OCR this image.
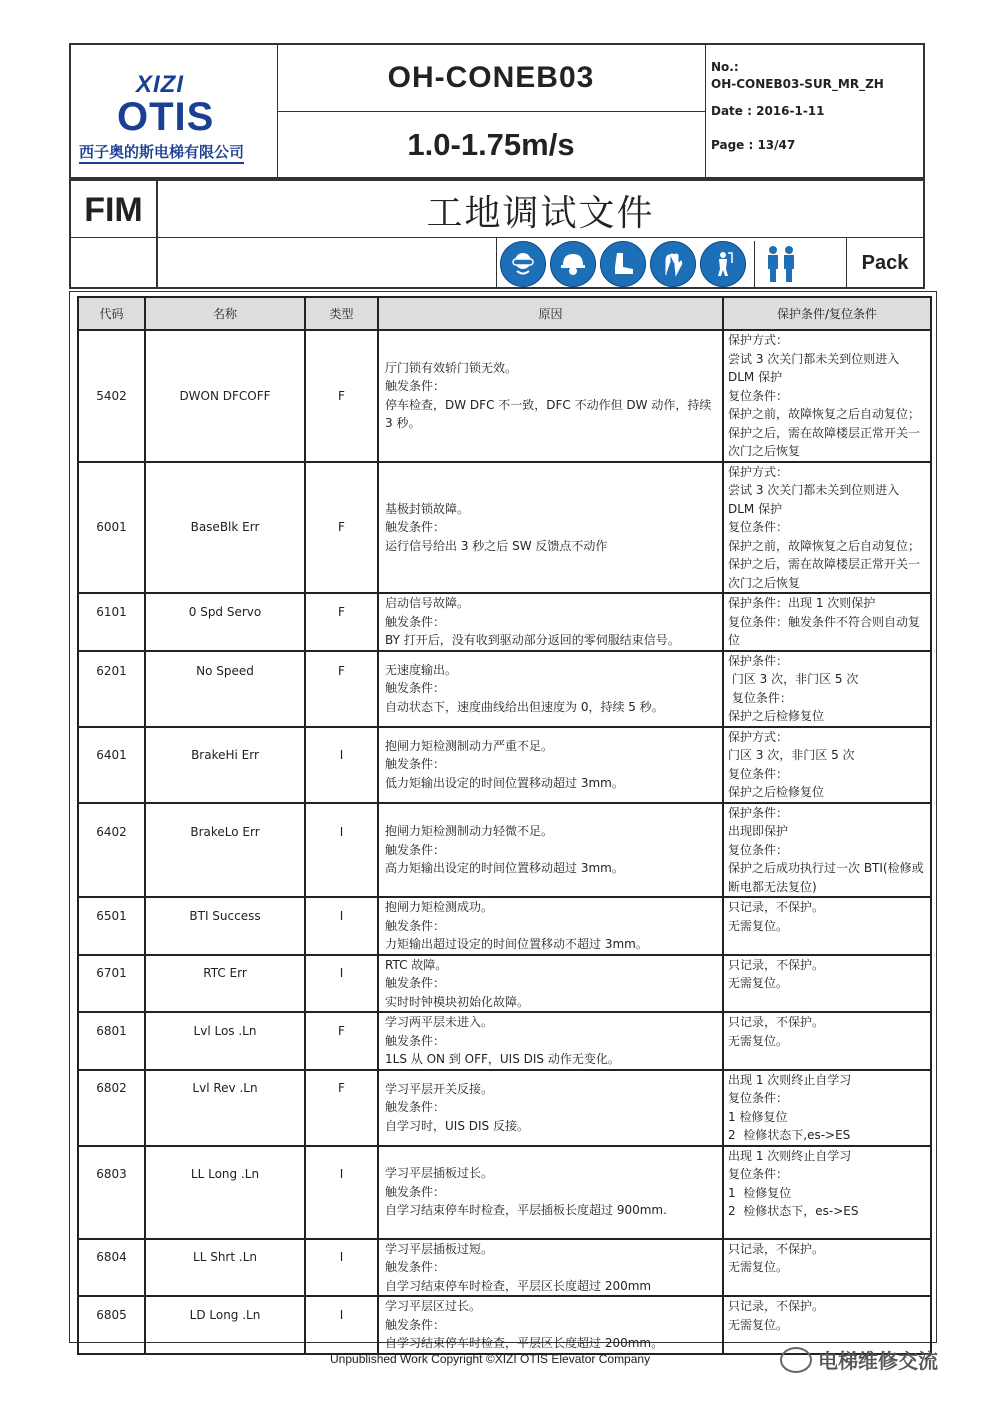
XIZI
OTIS
西子奥的斯电梯有限公司
OH-CONEB03
1.0-1.75m/s
No.:
OH-CONEB03-SUR_MR_ZH
Date : 2016-1-11
Page : 13/47
FIM	工地调试文件
Pack
代码	名称	类型	原因	保护条件/复位条件
5402	DWON DFCOFF	F	厅门锁有效轿门锁无效。
触发条件：
停车检查，DW DFC 不一致，DFC 不动作但 DW 动作，持续 3 秒。	保护方式：
尝试 3 次关门都未关到位则进入 DLM 保护
复位条件：
保护之前，故障恢复之后自动复位；保护之后，需在故障楼层正常开关一次门之后恢复

6001	BaseBlk Err	F	基极封锁故障。
触发条件：
运行信号给出 3 秒之后 SW 反馈点不动作	保护方式：
尝试 3 次关门都未关到位则进入 DLM 保护
复位条件：
保护之前，故障恢复之后自动复位；保护之后，需在故障楼层正常开关一次门之后恢复

6101	0 Spd Servo	F	启动信号故障。
触发条件：
BY 打开后，没有收到驱动部分返回的零伺服结束信号。	保护条件：出现 1 次则保护
复位条件：触发条件不符合则自动复位

6201	No Speed	F	无速度输出。
触发条件：
自动状态下，速度曲线给出但速度为 0，持续 5 秒。	保护条件：
门区 3 次，非门区 5 次
复位条件：
保护之后检修复位

6401	BrakeHi Err	I	抱闸力矩检测制动力严重不足。
触发条件：
低力矩输出设定的时间位置移动超过 3mm。	保护方式：
门区 3 次，非门区 5 次
复位条件：
保护之后检修复位

6402	BrakeLo Err	I	抱闸力矩检测制动力轻微不足。
触发条件：
高力矩输出设定的时间位置移动超过 3mm。	保护条件：
出现即保护
复位条件：
保护之后成功执行过一次 BTI(检修或断电都无法复位)

6501	BTI Success	I	抱闸力矩检测成功。
触发条件：
力矩输出超过设定的时间位置移动不超过 3mm。	只记录，不保护。
无需复位。

6701	RTC Err	I	RTC 故障。
触发条件：
实时时钟模块初始化故障。	只记录，不保护。
无需复位。

6801	Lvl Los .Ln	F	学习两平层未进入。
触发条件：
1LS 从 ON 到 OFF，UIS DIS 动作无变化。	只记录，不保护。
无需复位。

6802	Lvl Rev .Ln	F	学习平层开关反接。
触发条件：
自学习时，UIS DIS 反接。	出现 1 次则终止自学习
复位条件：
1 检修复位
2  检修状态下,es->ES

6803	LL Long .Ln	I	学习平层插板过长。
触发条件：
自学习结束停车时检查，平层插板长度超过 900mm.	出现 1 次则终止自学习
复位条件：
1  检修复位
2  检修状态下，es->ES

6804	LL Shrt .Ln	I	学习平层插板过短。
触发条件：
自学习结束停车时检查，平层区长度超过 200mm	只记录，不保护。
无需复位。

6805	LD Long .Ln	I	学习平层区过长。
触发条件：
自学习结束停车时检查，平层区长度超过 200mm。	只记录，不保护。
无需复位。
Unpublished Work Copyright ©XIZI OTIS Elevator Company	电梯维修交流
